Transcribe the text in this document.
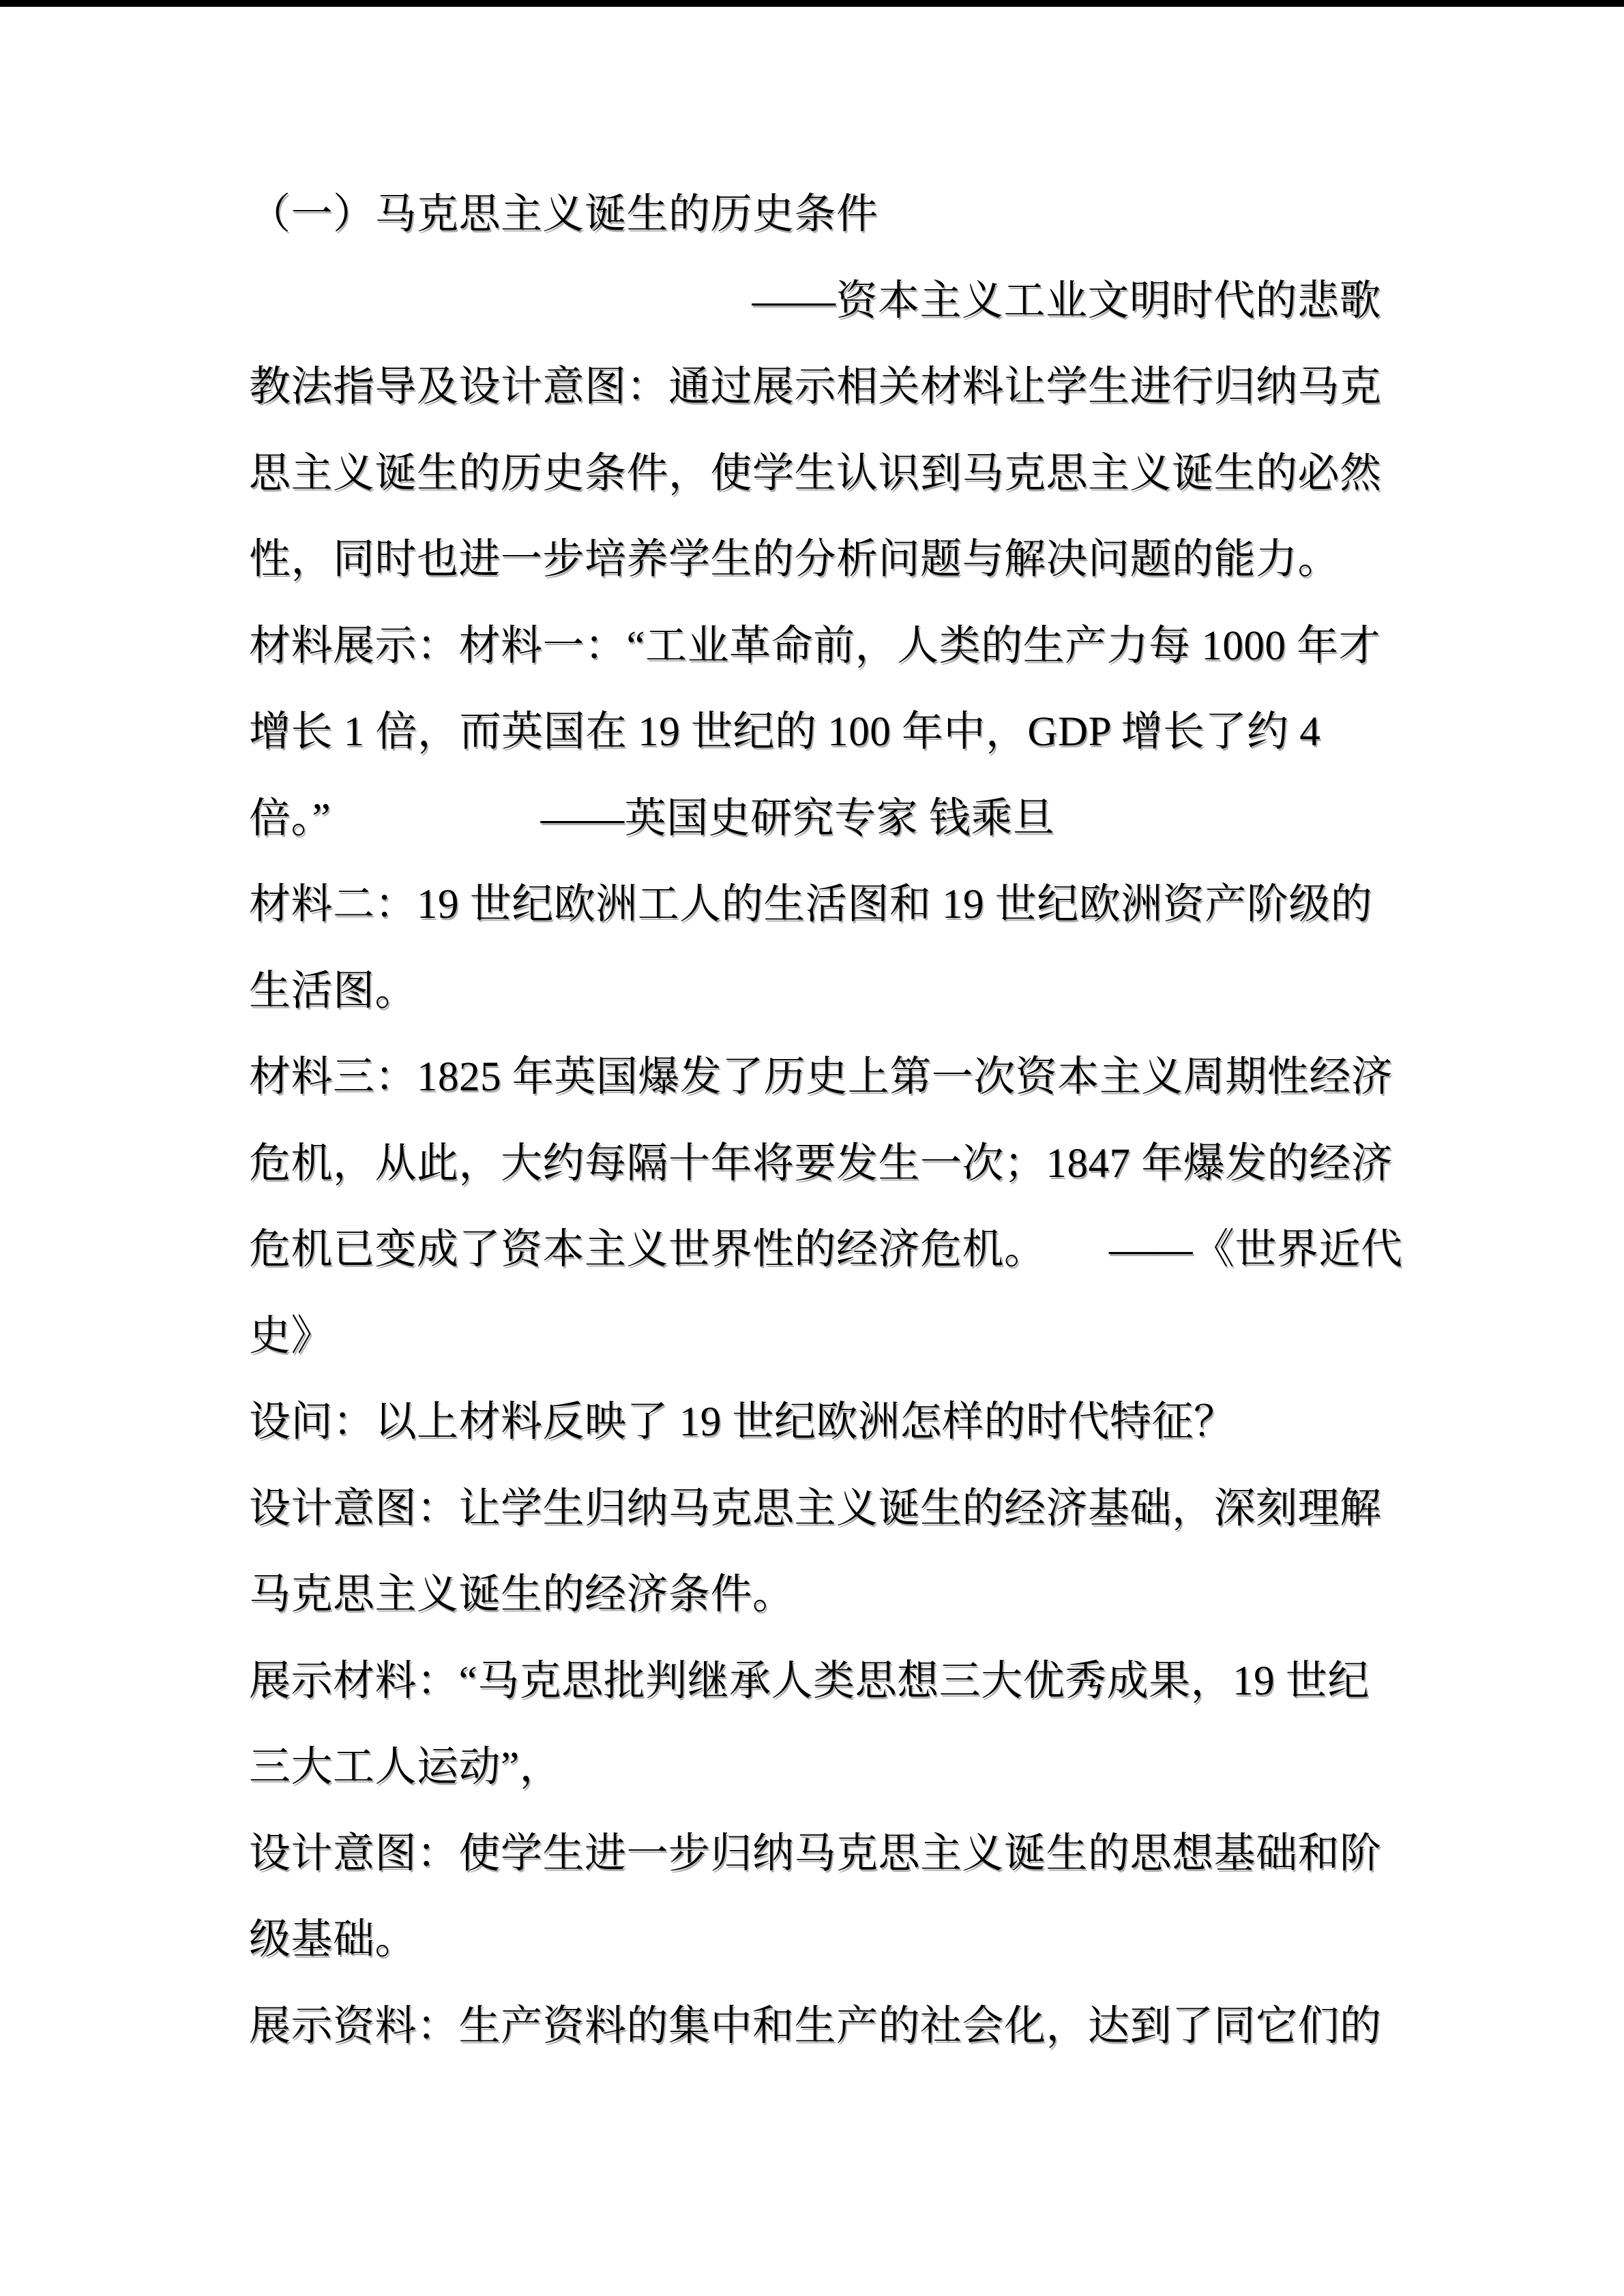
（一）马克思主义诞生的历史条件
——资本主义工业文明时代的悲歌
教法指导及设计意图：通过展示相关材料让学生进行归纳马克
思主义诞生的历史条件，使学生认识到马克思主义诞生的必然
性，同时也进一步培养学生的分析问题与解决问题的能力。
材料展示：材料一：“工业革命前，人类的生产力每 1000 年才
增长 1 倍，而英国在 19 世纪的 100 年中，GDP 增长了约 4
倍。”　　　　　——英国史研究专家 钱乘旦
材料二：19 世纪欧洲工人的生活图和 19 世纪欧洲资产阶级的
生活图。
材料三：1825 年英国爆发了历史上第一次资本主义周期性经济
危机，从此，大约每隔十年将要发生一次；1847 年爆发的经济
危机已变成了资本主义世界性的经济危机。　　——《世界近代
史》
设问：以上材料反映了 19 世纪欧洲怎样的时代特征？
设计意图：让学生归纳马克思主义诞生的经济基础，深刻理解
马克思主义诞生的经济条件。
展示材料：“马克思批判继承人类思想三大优秀成果，19 世纪
三大工人运动”，
设计意图：使学生进一步归纳马克思主义诞生的思想基础和阶
级基础。
展示资料：生产资料的集中和生产的社会化，达到了同它们的
